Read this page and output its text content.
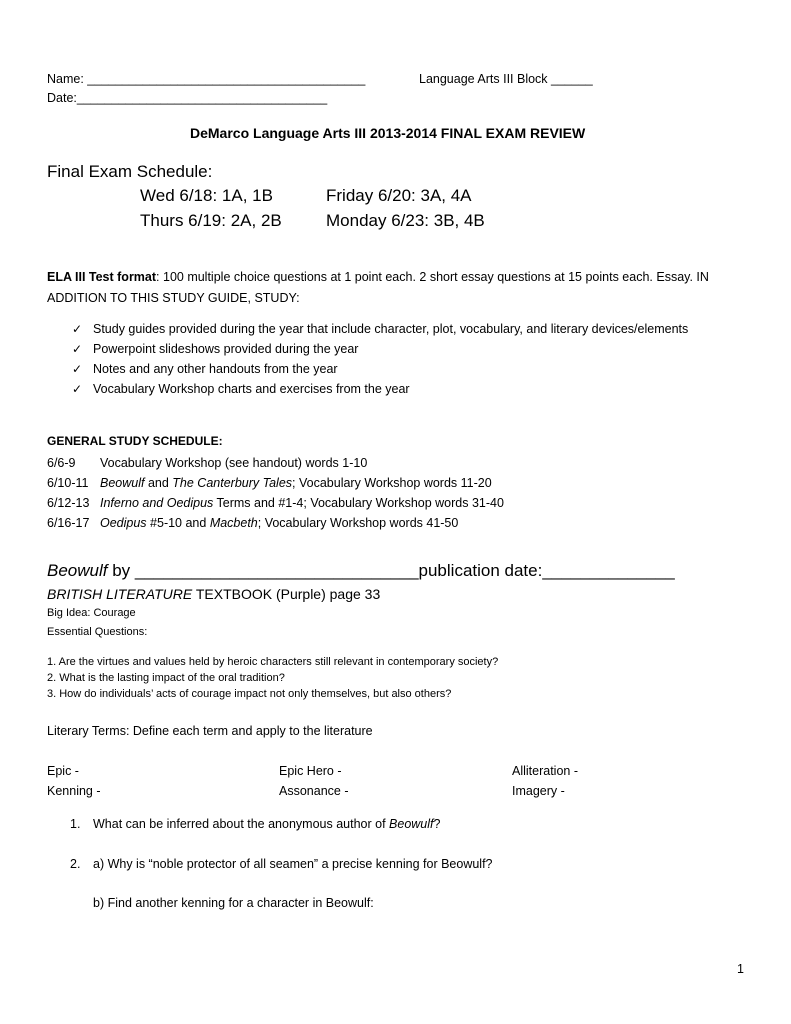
Name: ________________________________________	Language Arts III Block ______
Date:____________________________________
DeMarco Language Arts III 2013-2014 FINAL EXAM REVIEW
Final Exam Schedule:
Wed 6/18: 1A, 1B	Friday 6/20: 3A, 4A
Thurs 6/19: 2A, 2B	Monday 6/23: 3B, 4B
ELA III Test format: 100 multiple choice questions at 1 point each. 2 short essay questions at 15 points each. Essay. IN
ADDITION TO THIS STUDY GUIDE, STUDY:
✓ Study guides provided during the year that include character, plot, vocabulary, and literary devices/elements
✓ Powerpoint slideshows provided during the year
✓ Notes and any other handouts from the year
✓ Vocabulary Workshop charts and exercises from the year
GENERAL STUDY SCHEDULE:
6/6-9 Vocabulary Workshop (see handout) words 1-10
6/10-11 Beowulf and The Canterbury Tales; Vocabulary Workshop words 11-20
6/12-13 Inferno and Oedipus Terms and #1-4; Vocabulary Workshop words 31-40
6/16-17 Oedipus #5-10 and Macbeth; Vocabulary Workshop words 41-50
Beowulf by ______________________________publication date:______________
BRITISH LITERATURE TEXTBOOK (Purple) page 33
Big Idea: Courage
Essential Questions:
1. Are the virtues and values held by heroic characters still relevant in contemporary society?
2. What is the lasting impact of the oral tradition?
3. How do individuals’ acts of courage impact not only themselves, but also others?
Literary Terms: Define each term and apply to the literature
Epic -	Epic Hero -	Alliteration -
Kenning -	Assonance -	Imagery -
1. What can be inferred about the anonymous author of Beowulf?
2. a) Why is “noble protector of all seamen” a precise kenning for Beowulf?
b) Find another kenning for a character in Beowulf:
1
